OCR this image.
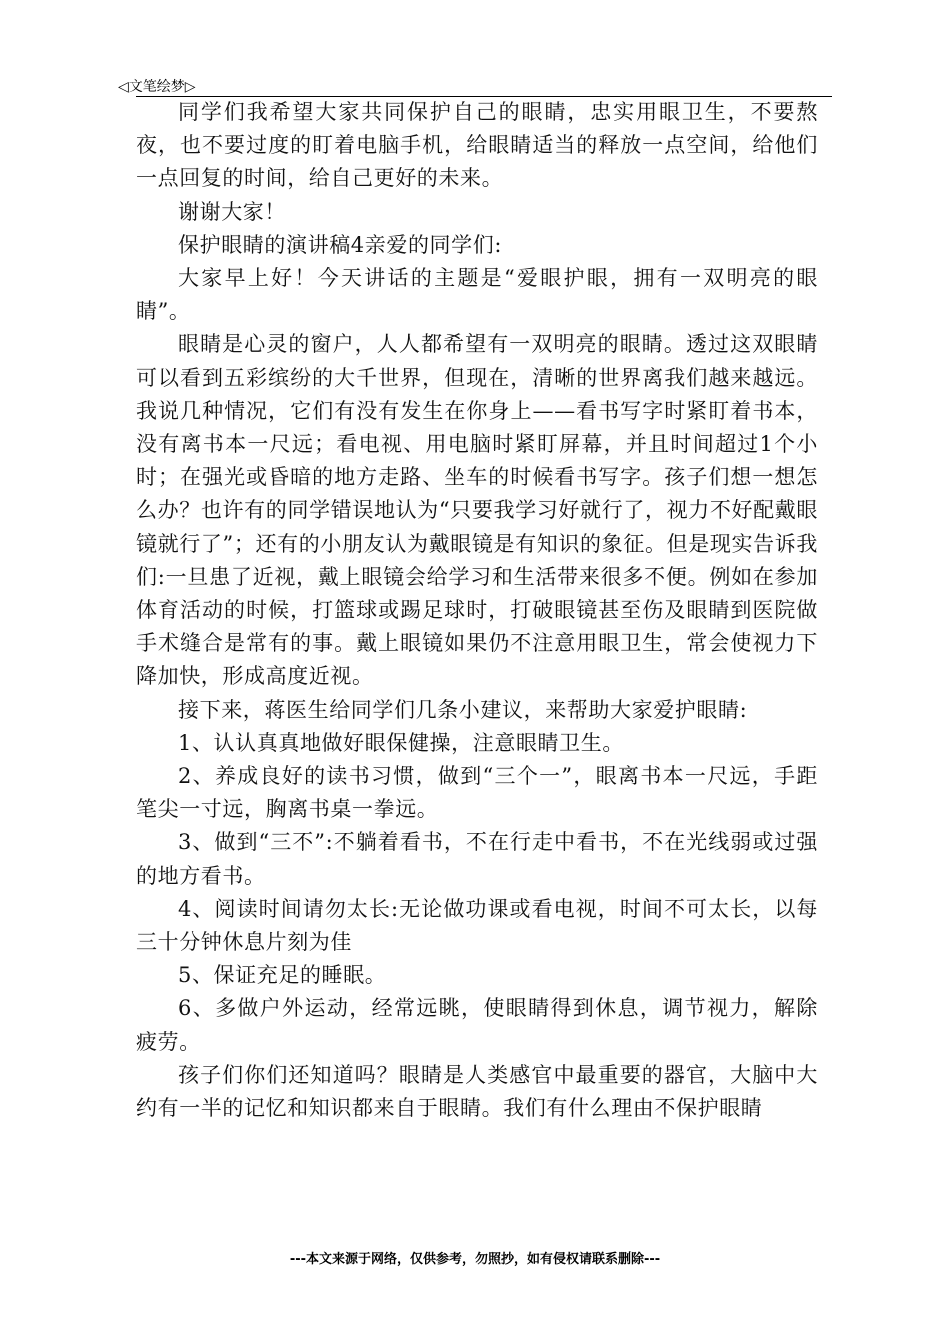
◁文笔绘梦▷

同学们我希望大家共同保护自己的眼睛，忠实用眼卫生，不要熬夜，也不要过度的盯着电脑手机，给眼睛适当的释放一点空间，给他们一点回复的时间，给自己更好的未来。

谢谢大家！

保护眼睛的演讲稿4亲爱的同学们:

大家早上好！今天讲话的主题是“爱眼护眼，拥有一双明亮的眼睛”。

眼睛是心灵的窗户，人人都希望有一双明亮的眼睛。透过这双眼睛可以看到五彩缤纷的大千世界，但现在，清晰的世界离我们越来越远。我说几种情况，它们有没有发生在你身上——看书写字时紧盯着书本，没有离书本一尺远；看电视、用电脑时紧盯屏幕，并且时间超过1个小时；在强光或昏暗的地方走路、坐车的时候看书写字。孩子们想一想怎么办？也许有的同学错误地认为“只要我学习好就行了，视力不好配戴眼镜就行了”；还有的小朋友认为戴眼镜是有知识的象征。但是现实告诉我们:一旦患了近视，戴上眼镜会给学习和生活带来很多不便。例如在参加体育活动的时候，打篮球或踢足球时，打破眼镜甚至伤及眼睛到医院做手术缝合是常有的事。戴上眼镜如果仍不注意用眼卫生，常会使视力下降加快，形成高度近视。

接下来，蒋医生给同学们几条小建议，来帮助大家爱护眼睛:

1、认认真真地做好眼保健操，注意眼睛卫生。

2、养成良好的读书习惯，做到“三个一”，眼离书本一尺远，手距笔尖一寸远，胸离书桌一拳远。

3、做到“三不”:不躺着看书，不在行走中看书，不在光线弱或过强的地方看书。

4、阅读时间请勿太长:无论做功课或看电视，时间不可太长，以每三十分钟休息片刻为佳

5、保证充足的睡眠。

6、多做户外运动，经常远眺，使眼睛得到休息，调节视力，解除疲劳。

孩子们你们还知道吗？眼睛是人类感官中最重要的器官，大脑中大约有一半的记忆和知识都来自于眼睛。我们有什么理由不保护眼睛

---本文来源于网络，仅供参考，勿照抄，如有侵权请联系删除---
